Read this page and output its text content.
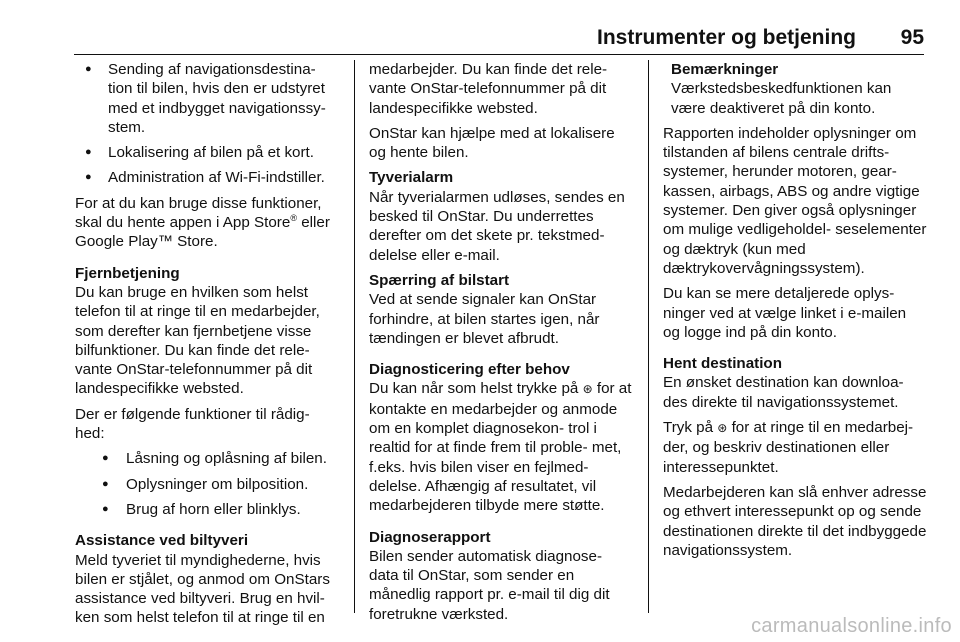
Instrumenter og betjening 95

● Sending af navigationsdestina- tion til bilen, hvis den er udstyret med et indbygget navigationssy- stem.

● Lokalisering af bilen på et kort.

● Administration af Wi-Fi-indstiller.

For at du kan bruge disse funktioner, skal du hente appen i App Store® eller Google Play™ Store.

Fjernbetjening
Du kan bruge en hvilken som helst telefon til at ringe til en medarbejder, som derefter kan fjernbetjene visse bilfunktioner. Du kan finde det rele- vante OnStar-telefonnummer på dit landespecifikke websted.

Der er følgende funktioner til rådig- hed:

● Låsning og oplåsning af bilen.

● Oplysninger om bilposition.

● Brug af horn eller blinklys.

Assistance ved biltyveri
Meld tyveriet til myndighederne, hvis bilen er stjålet, og anmod om OnStars assistance ved biltyveri. Brug en hvil- ken som helst telefon til at ringe til en

medarbejder. Du kan finde det rele- vante OnStar-telefonnummer på dit landespecifikke websted.

OnStar kan hjælpe med at lokalisere og hente bilen.

Tyverialarm
Når tyverialarmen udløses, sendes en besked til OnStar. Du underrettes derefter om det skete pr. tekstmed- delelse eller e-mail.

Spærring af bilstart
Ved at sende signaler kan OnStar forhindre, at bilen startes igen, når tændingen er blevet afbrudt.

Diagnosticering efter behov
Du kan når som helst trykke på ⊛ for at kontakte en medarbejder og anmode om en komplet diagnosekon- trol i realtid for at finde frem til proble- met, f.eks. hvis bilen viser en fejlmed- delelse. Afhængig af resultatet, vil medarbejderen tilbyde mere støtte.

Diagnoserapport
Bilen sender automatisk diagnose- data til OnStar, som sender en månedlig rapport pr. e-mail til dig dit foretrukne værksted.

Bemærkninger
Værkstedsbeskedfunktionen kan være deaktiveret på din konto.

Rapporten indeholder oplysninger om tilstanden af bilens centrale drifts- systemer, herunder motoren, gear- kassen, airbags, ABS og andre vigtige systemer. Den giver også oplysninger om mulige vedligeholdel- seselementer og dæktryk (kun med dæktrykovervågningssystem).

Du kan se mere detaljerede oplys- ninger ved at vælge linket i e-mailen og logge ind på din konto.

Hent destination
En ønsket destination kan downloa- des direkte til navigationssystemet.

Tryk på ⊛ for at ringe til en medarbej- der, og beskriv destinationen eller interessepunktet.

Medarbejderen kan slå enhver adresse og ethvert interessepunkt op og sende destinationen direkte til det indbyggede navigationssystem.

carmanualsonline.info
